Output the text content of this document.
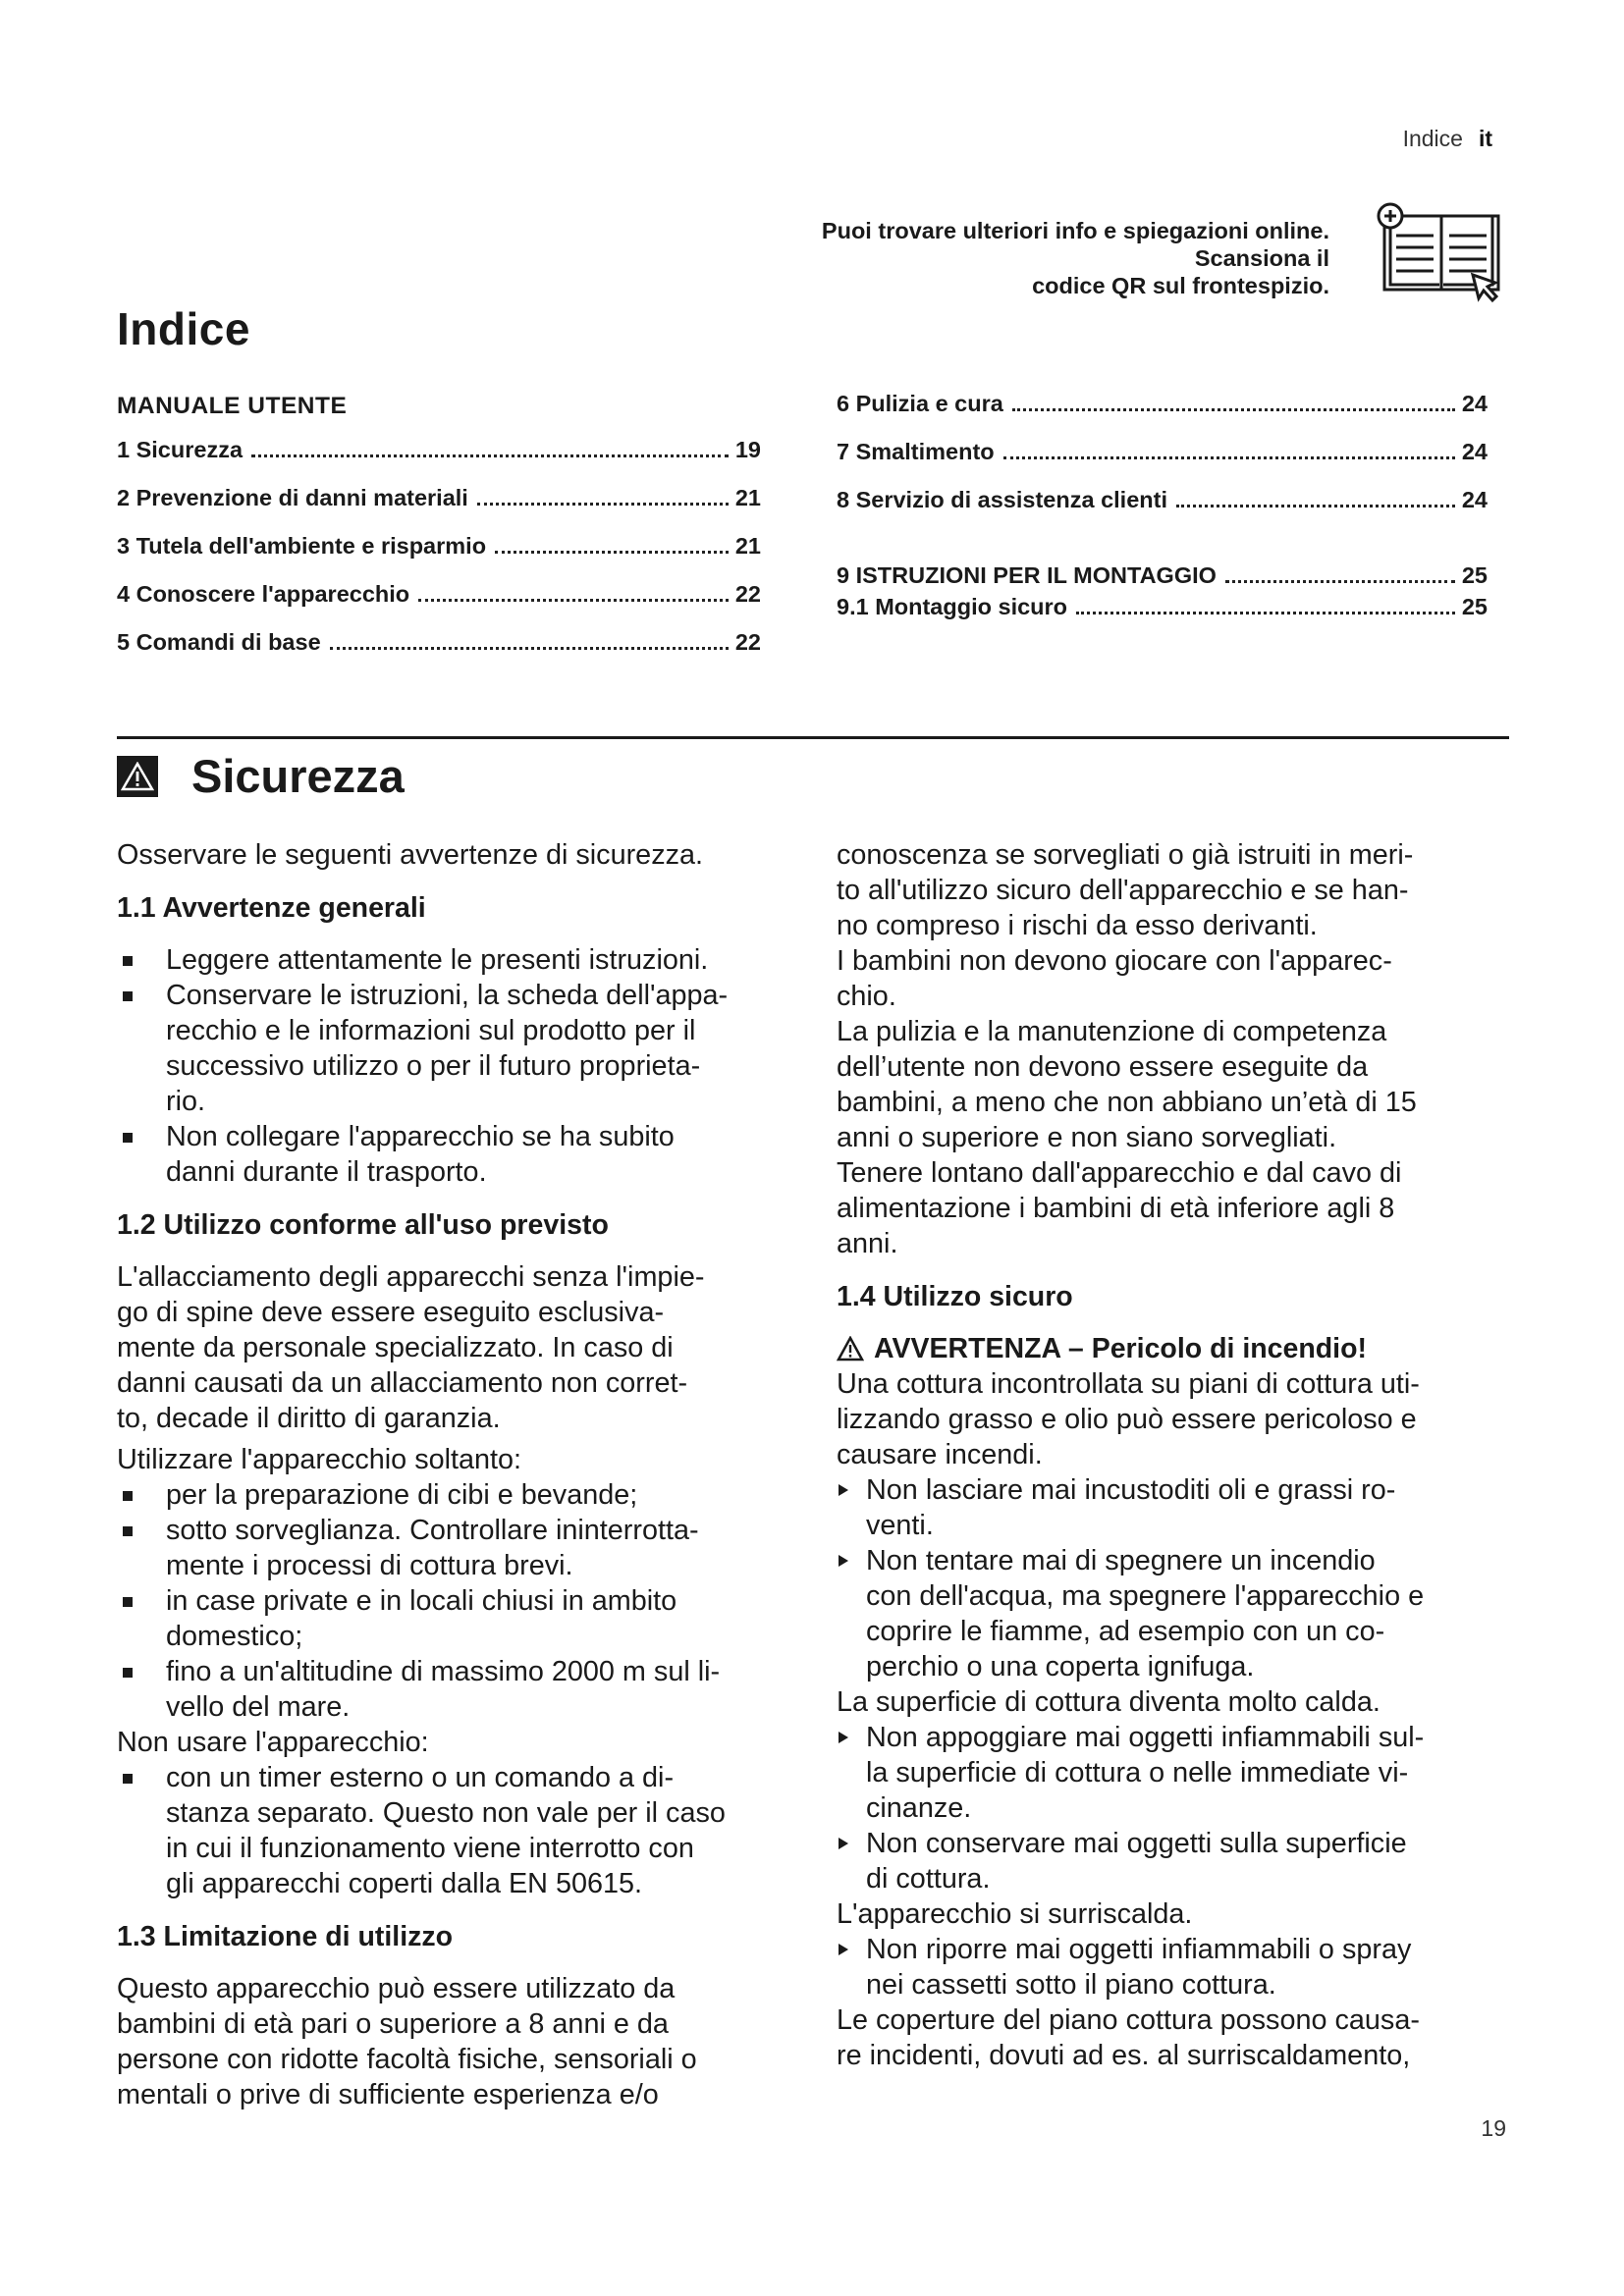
Indice it
Puoi trovare ulteriori info e spiegazioni online. Scansiona il
codice QR sul frontespizio.
Indice
MANUALE UTENTE
1 Sicurezza	19
2 Prevenzione di danni materiali	21
3 Tutela dell'ambiente e risparmio	21
4 Conoscere l'apparecchio	22
5 Comandi di base	22
6 Pulizia e cura	24
7 Smaltimento	24
8 Servizio di assistenza clienti	24
9 ISTRUZIONI PER IL MONTAGGIO	25
9.1 Montaggio sicuro	25
Sicurezza

Osservare le seguenti avvertenze di sicurezza.

1.1 Avvertenze generali

Leggere attentamente le presenti istruzioni.

Conservare le istruzioni, la scheda dell'appa-

recchio e le informazioni sul prodotto per il

successivo utilizzo o per il futuro proprieta-

rio.

Non collegare l'apparecchio se ha subito

danni durante il trasporto.

1.2 Utilizzo conforme all'uso previsto

L'allacciamento degli apparecchi senza l'impie-

go di spine deve essere eseguito esclusiva-

mente da personale specializzato. In caso di

danni causati da un allacciamento non corret-

to, decade il diritto di garanzia.

Utilizzare l'apparecchio soltanto:

per la preparazione di cibi e bevande;

sotto sorveglianza. Controllare ininterrotta-

mente i processi di cottura brevi.

in case private e in locali chiusi in ambito

domestico;

fino a un'altitudine di massimo 2000 m sul li-

vello del mare.

Non usare l'apparecchio:

con un timer esterno o un comando a di-

stanza separato. Questo non vale per il caso

in cui il funzionamento viene interrotto con

gli apparecchi coperti dalla EN 50615.

1.3 Limitazione di utilizzo

Questo apparecchio può essere utilizzato da

bambini di età pari o superiore a 8 anni e da

persone con ridotte facoltà fisiche, sensoriali o

mentali o prive di sufficiente esperienza e/o

conoscenza se sorvegliati o già istruiti in meri-

to all'utilizzo sicuro dell'apparecchio e se han-

no compreso i rischi da esso derivanti.

I bambini non devono giocare con l'apparec-

chio.

La pulizia e la manutenzione di competenza

dell’utente non devono essere eseguite da

bambini, a meno che non abbiano un’età di 15

anni o superiore e non siano sorvegliati.

Tenere lontano dall'apparecchio e dal cavo di

alimentazione i bambini di età inferiore agli 8

anni.

1.4 Utilizzo sicuro
AVVERTENZA – Pericolo di incendio!

Una cottura incontrollata su piani di cottura uti-

lizzando grasso e olio può essere pericoloso e

causare incendi.

Non lasciare mai incustoditi oli e grassi ro-

venti.

Non tentare mai di spegnere un incendio

con dell'acqua, ma spegnere l'apparecchio e

coprire le fiamme, ad esempio con un co-

perchio o una coperta ignifuga.

La superficie di cottura diventa molto calda.

Non appoggiare mai oggetti infiammabili sul-

la superficie di cottura o nelle immediate vi-

cinanze.

Non conservare mai oggetti sulla superficie

di cottura.

L'apparecchio si surriscalda.

Non riporre mai oggetti infiammabili o spray

nei cassetti sotto il piano cottura.

Le coperture del piano cottura possono causa-

re incidenti, dovuti ad es. al surriscaldamento,

19
